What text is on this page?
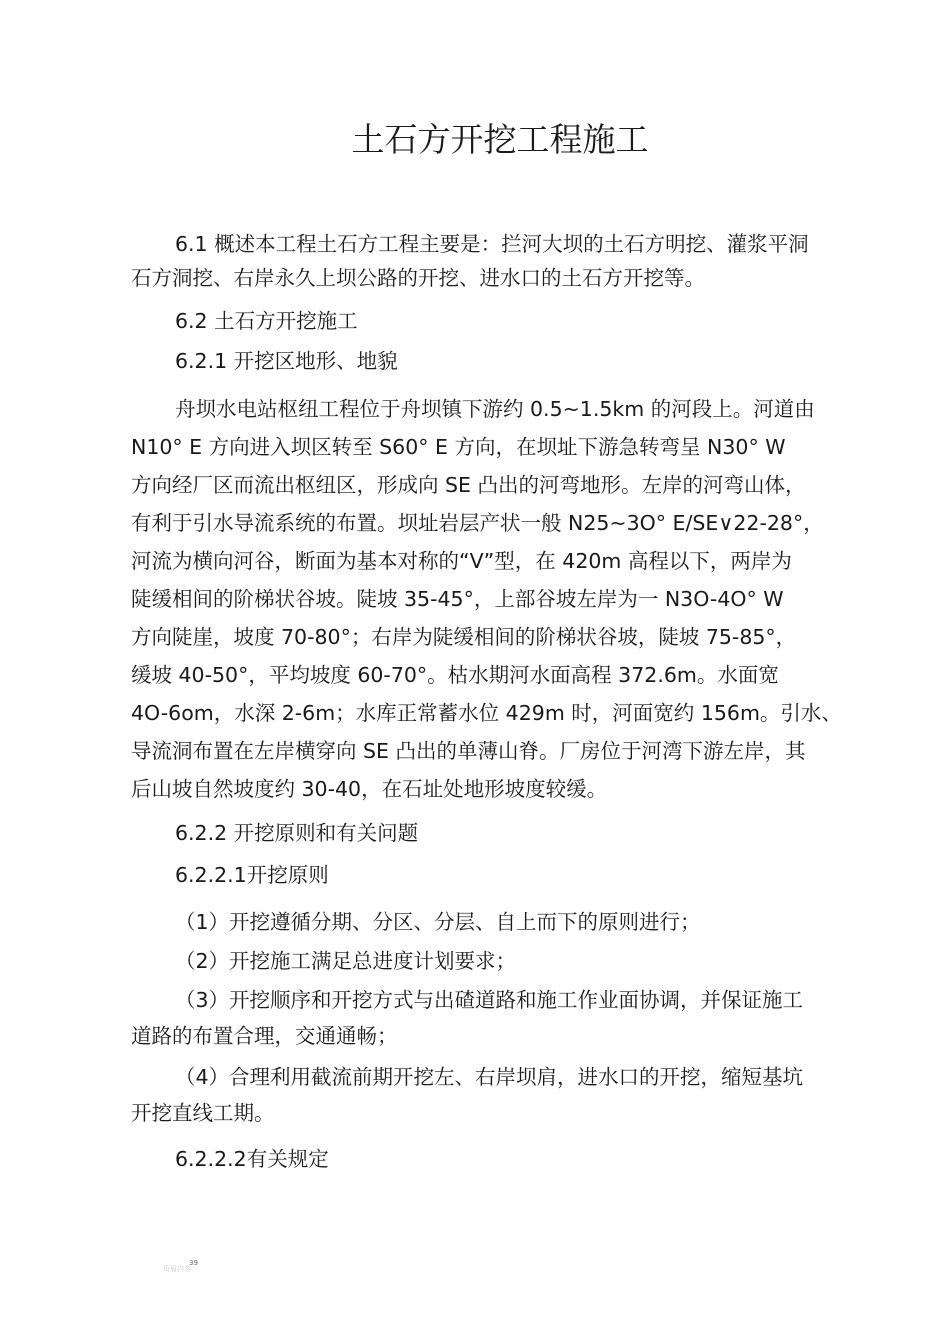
土石方开挖工程施工

6.1 概述本工程土石方工程主要是：拦河大坝的土石方明挖、灌浆平洞

石方洞挖、右岸永久上坝公路的开挖、进水口的土石方开挖等。

6.2 土石方开挖施工

6.2.1 开挖区地形、地貌

舟坝水电站枢纽工程位于舟坝镇下游约 0.5~1.5km 的河段上。河道由

N10° E 方向进入坝区转至 S60° E 方向，在坝址下游急转弯呈 N30° W

方向经厂区而流出枢纽区，形成向 SE 凸出的河弯地形。左岸的河弯山体，

有利于引水导流系统的布置。坝址岩层产状一般 N25~3O° E/SE∨22-28°，

河流为横向河谷，断面为基本对称的“V”型，在 420m 高程以下，两岸为

陡缓相间的阶梯状谷坡。陡坡 35-45°，上部谷坡左岸为一 N3O-4O° W

方向陡崖，坡度 70-80°；右岸为陡缓相间的阶梯状谷坡，陡坡 75-85°，

缓坡 40-50°，平均坡度 60-70°。枯水期河水面高程 372.6m。水面宽

4O-6om，水深 2-6m；水库正常蓄水位 429m 时，河面宽约 156m。引水、

导流洞布置在左岸横穿向 SE 凸出的单薄山脊。厂房位于河湾下游左岸，其

后山坡自然坡度约 30-40，在石址处地形坡度较缓。

6.2.2 开挖原则和有关问题

6.2.2.1开挖原则

（1）开挖遵循分期、分区、分层、自上而下的原则进行；

（2）开挖施工满足总进度计划要求；

（3）开挖顺序和开挖方式与出碴道路和施工作业面协调，并保证施工

道路的布置合理，交通通畅；

（4）合理利用截流前期开挖左、右岸坝肩，进水口的开挖，缩短基坑

开挖直线工期。

6.2.2.2有关规定

页眉内容
39
